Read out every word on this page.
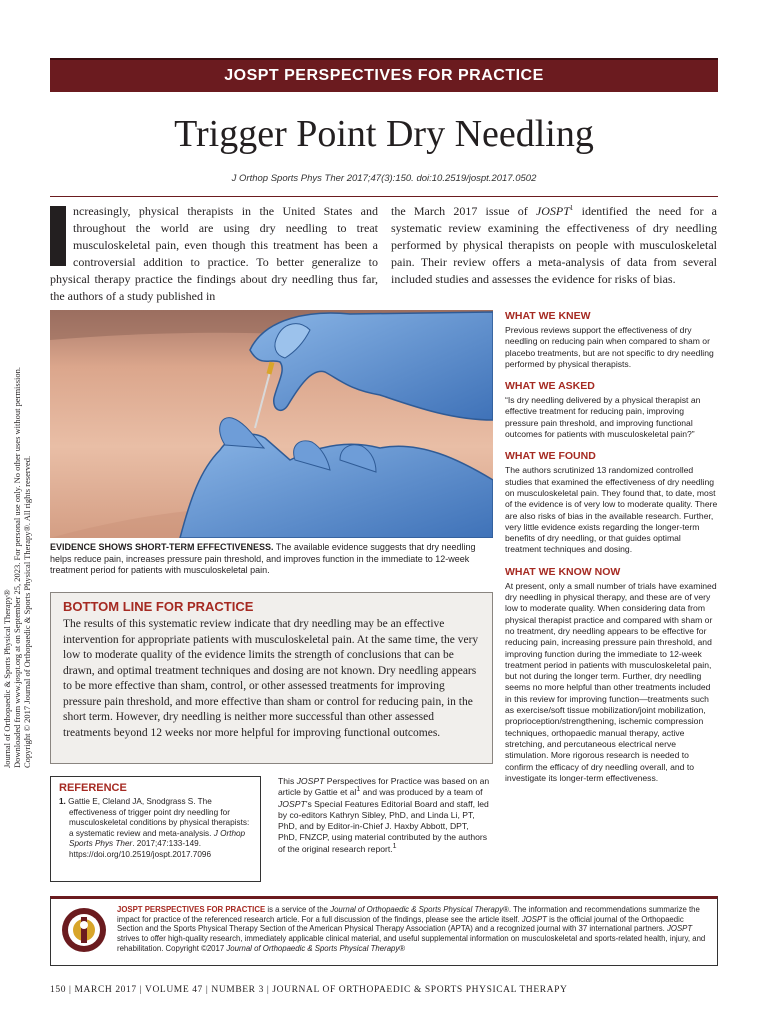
JOSPT PERSPECTIVES FOR PRACTICE
Trigger Point Dry Needling
J Orthop Sports Phys Ther 2017;47(3):150. doi:10.2519/jospt.2017.0502

ncreasingly, physical therapists in the United States and throughout the world are using dry needling to treat musculoskeletal pain, even though this treatment has been a controversial addition to practice. To better generalize to physical therapy practice the findings about dry needling thus far, the authors of a study published in

the March 2017 issue of JOSPT$^1$ identified the need for a systematic review examining the effectiveness of dry needling performed by physical therapists on people with musculoskeletal pain. Their review offers a meta-analysis of data from several included studies and assesses the evidence for risks of bias.

Journal of Orthopaedic & Sports Physical Therapy® Downloaded from www.jospt.org at on September 25, 2023. For personal use only. No other uses without permission. Copyright © 2017 Journal of Orthopaedic & Sports Physical Therapy®. All rights reserved. EVIDENCE SHOWS SHORT-TERM EFFECTIVENESS. The available evidence suggests that dry needling helps reduce pain, increases pressure pain threshold, and improves function in the immediate to 12-week treatment period for patients with musculoskeletal pain.
BOTTOM LINE FOR PRACTICE

The results of this systematic review indicate that dry needling may be an effective intervention for appropriate patients with musculoskeletal pain. At the same time, the very low to moderate quality of the evidence limits the strength of conclusions that can be drawn, and optimal treatment techniques and dosing are not known. Dry needling appears to be more effective than sham, control, or other assessed treatments for improving pressure pain threshold, and more effective than sham or control for reducing pain, in the short term. However, dry needling is neither more successful than other assessed treatments beyond 12 weeks nor more helpful for improving functional outcomes.

WHAT WE KNEW

Previous reviews support the effectiveness of dry needling on reducing pain when compared to sham or placebo treatments, but are not specific to dry needling performed by physical therapists.

WHAT WE ASKED

“Is dry needling delivered by a physical therapist an effective treatment for reducing pain, improving pressure pain threshold, and improving functional outcomes for patients with musculoskeletal pain?”

WHAT WE FOUND

The authors scrutinized 13 randomized controlled studies that examined the effectiveness of dry needling on musculoskeletal pain. They found that, to date, most of the evidence is of very low to moderate quality. There are also risks of bias in the available research. Further, very little evidence exists regarding the longer-term benefits of dry needling, or that guides optimal treatment techniques and dosing.

WHAT WE KNOW NOW

At present, only a small number of trials have examined dry needling in physical therapy, and these are of very low to moderate quality. When considering data from physical therapist practice and compared with sham or no treatment, dry needling appears to be effective for reducing pain, increasing pressure pain threshold, and improving function during the immediate to 12-week treatment period in patients with musculoskeletal pain, but not during the longer term. Further, dry needling seems no more helpful than other treatments included in this review for improving function—treatments such as exercise/soft tissue mobilization/joint mobilization, proprioception/strengthening, ischemic compression techniques, orthopaedic manual therapy, active stretching, and percutaneous electrical nerve stimulation. More rigorous research is needed to confirm the efficacy of dry needling overall, and to investigate its longer-term effectiveness.

REFERENCE

1. Gattie E, Cleland JA, Snodgrass S. The effectiveness of trigger point dry needling for musculoskeletal conditions by physical therapists: a systematic review and meta-analysis. J Orthop Sports Phys Ther. 2017;47:133-149. https://doi.org/10.2519/jospt.2017.7096

This JOSPT Perspectives for Practice was based on an article by Gattie et $al^1$ and was produced by a team of JOSPT’s Special Features Editorial Board and staff, led by co-editors Kathryn Sibley, PhD, and Linda Li, PT, PhD, and by Editor-in-Chief J. Haxby Abbott, DPT, PhD, FNZCP, using material contributed by the authors of the original research report.$^1$

JOSPT PERSPECTIVES FOR PRACTICE is a service of the Journal of Orthopaedic & Sports Physical Therapy®. The information and recommendations summarize the impact for practice of the referenced research article. For a full discussion of the findings, please see the article itself. JOSPT is the official journal of the Orthopaedic Section and the Sports Physical Therapy Section of the American Physical Therapy Association (APTA) and a recognized journal with 37 international partners. JOSPT strives to offer high-quality research, immediately applicable clinical material, and useful supplemental information on musculoskeletal and sports-related health, injury, and rehabilitation. Copyright ©2017 Journal of Orthopaedic & Sports Physical Therapy®

150 | MARCH 2017 | VOLUME 47 | NUMBER 3 | JOURNAL OF ORTHOPAEDIC & SPORTS PHYSICAL THERAPY
